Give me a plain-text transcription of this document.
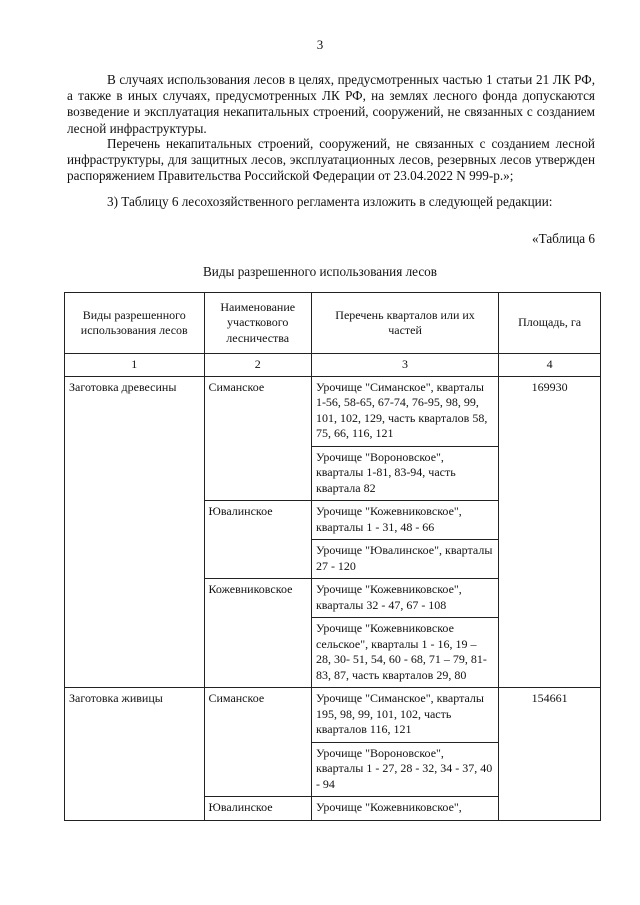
3

В случаях использования лесов в целях, предусмотренных частью 1 статьи 21 ЛК РФ, а также в иных случаях, предусмотренных ЛК РФ, на землях лесного фонда допускаются возведение и эксплуатация некапитальных строений, сооружений, не связанных с созданием лесной инфраструктуры.

Перечень некапитальных строений, сооружений, не связанных с созданием лесной инфраструктуры, для защитных лесов, эксплуатационных лесов, резервных лесов утвержден распоряжением Правительства Российской Федерации от 23.04.2022 N 999-р.»;

3) Таблицу 6 лесохозяйственного регламента изложить в следующей редакции:

«Таблица 6
Виды разрешенного использования лесов
Виды разрешенного использования лесов	Наименование участкового лесничества	Перечень кварталов или их частей	Площадь, га
1	2	3	4
Заготовка древесины	Симанское	Урочище "Симанское", кварталы 1-56, 58-65, 67-74, 76-95, 98, 99, 101, 102, 129, часть кварталов 58, 75, 66, 116, 121	169930
		Урочище "Вороновское", кварталы 1-81, 83-94, часть квартала 82	
	Ювалинское	Урочище "Кожевниковское", кварталы 1 - 31, 48 - 66	
		Урочище "Ювалинское", кварталы 27 - 120	
	Кожевниковское	Урочище "Кожевниковское", кварталы 32 - 47, 67 - 108	
		Урочище "Кожевниковское сельское", кварталы 1 - 16, 19 – 28, 30- 51, 54, 60 - 68, 71 – 79, 81-83, 87, часть кварталов 29, 80	
Заготовка живицы	Симанское	Урочище "Симанское", кварталы 195, 98, 99, 101, 102, часть кварталов 116, 121	154661
		Урочище "Вороновское", кварталы 1 - 27, 28 - 32, 34 - 37, 40 - 94	
	Ювалинское	Урочище "Кожевниковское",	
